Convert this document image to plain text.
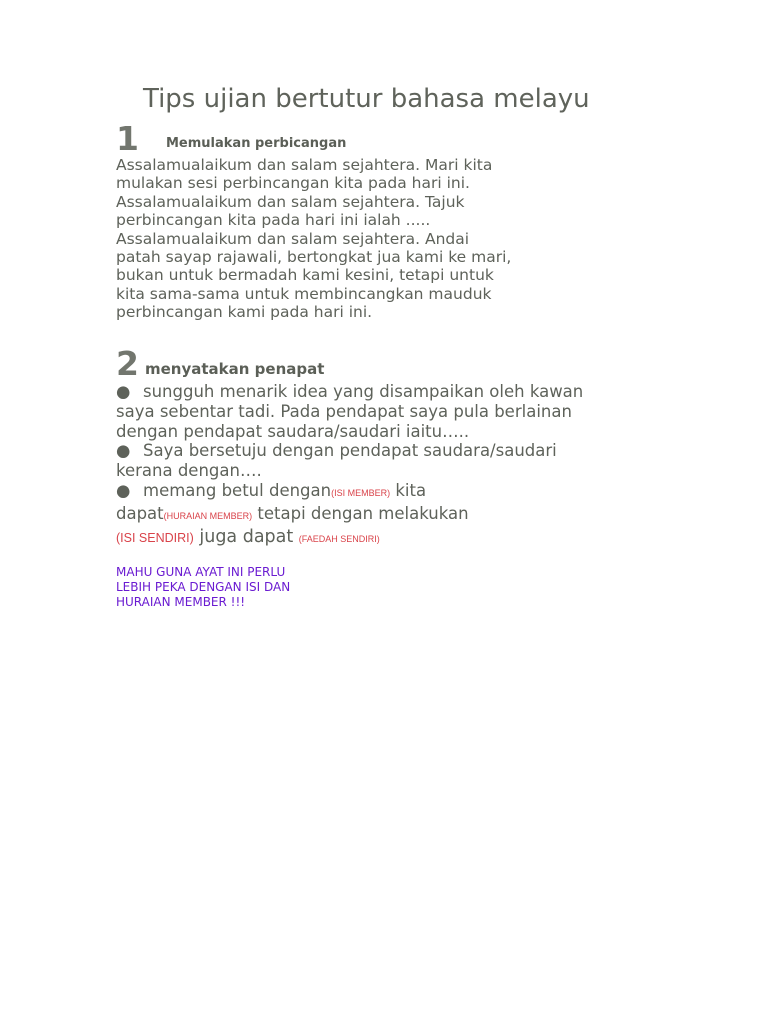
Tips ujian bertutur bahasa melayu
1 Memulakan perbicangan
Assalamualaikum dan salam sejahtera. Mari kita
mulakan sesi perbincangan kita pada hari ini.
Assalamualaikum dan salam sejahtera. Tajuk
perbincangan kita pada hari ini ialah .....
Assalamualaikum dan salam sejahtera. Andai
patah sayap rajawali, bertongkat jua kami ke mari,
bukan untuk bermadah kami kesini, tetapi untuk
kita sama-sama untuk membincangkan mauduk
perbincangan kami pada hari ini.
2 menyatakan penapat
● sungguh menarik idea yang disampaikan oleh kawan
saya sebentar tadi. Pada pendapat saya pula berlainan
dengan pendapat saudara/saudari iaitu…..
● Saya bersetuju dengan pendapat saudara/saudari
kerana dengan….
● memang betul dengan(ISI MEMBER) kita
dapat(HURAIAN MEMBER) tetapi dengan melakukan
(ISI SENDIRI) juga dapat (FAEDAH SENDIRI)
MAHU GUNA AYAT INI PERLU
LEBIH PEKA DENGAN ISI DAN
HURAIAN MEMBER !!!
